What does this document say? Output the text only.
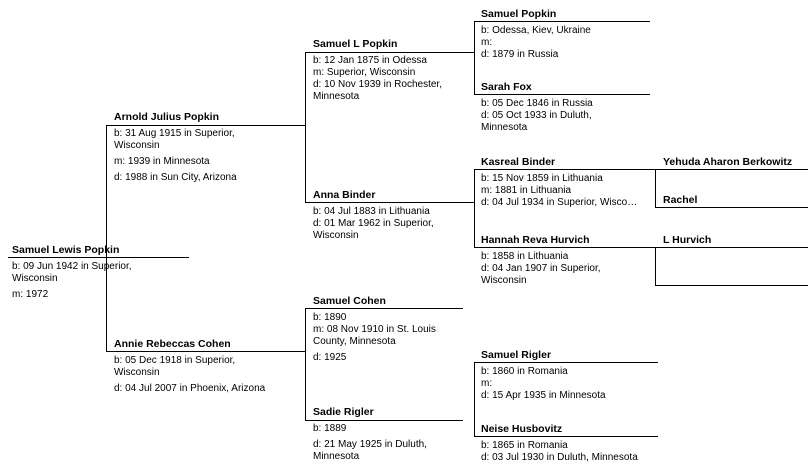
Samuel Lewis Popkin
b: 09 Jun 1942 in Superior,
Wisconsin
m: 1972
Arnold Julius Popkin
b: 31 Aug 1915 in Superior,
Wisconsin
m: 1939 in Minnesota
d: 1988 in Sun City, Arizona
Annie Rebeccas Cohen
b: 05 Dec 1918 in Superior,
Wisconsin
d: 04 Jul 2007 in Phoenix, Arizona
Samuel L Popkin
b: 12 Jan 1875 in Odessa
m: Superior, Wisconsin
d: 10 Nov 1939 in Rochester,
Minnesota
Anna Binder
b: 04 Jul 1883 in Lithuania
d: 01 Mar 1962 in Superior,
Wisconsin
Samuel Cohen
b: 1890
m: 08 Nov 1910 in St. Louis
County, Minnesota
d: 1925
Sadie Rigler
b: 1889
d: 21 May 1925 in Duluth,
Minnesota
Samuel Popkin
b: Odessa, Kiev, Ukraine
m:
d: 1879 in Russia
Sarah Fox
b: 05 Dec 1846 in Russia
d: 05 Oct 1933 in Duluth,
Minnesota
Kasreal Binder
b: 15 Nov 1859 in Lithuania
m: 1881 in Lithuania
d: 04 Jul 1934 in Superior, Wisco…
Hannah Reva Hurvich
b: 1858 in Lithuania
d: 04 Jan 1907 in Superior,
Wisconsin
Samuel Rigler
b: 1860 in Romania
m:
d: 15 Apr 1935 in Minnesota
Neise Husbovitz
b: 1865 in Romania
d: 03 Jul 1930 in Duluth, Minnesota
Yehuda Aharon Berkowitz
Rachel
L Hurvich
